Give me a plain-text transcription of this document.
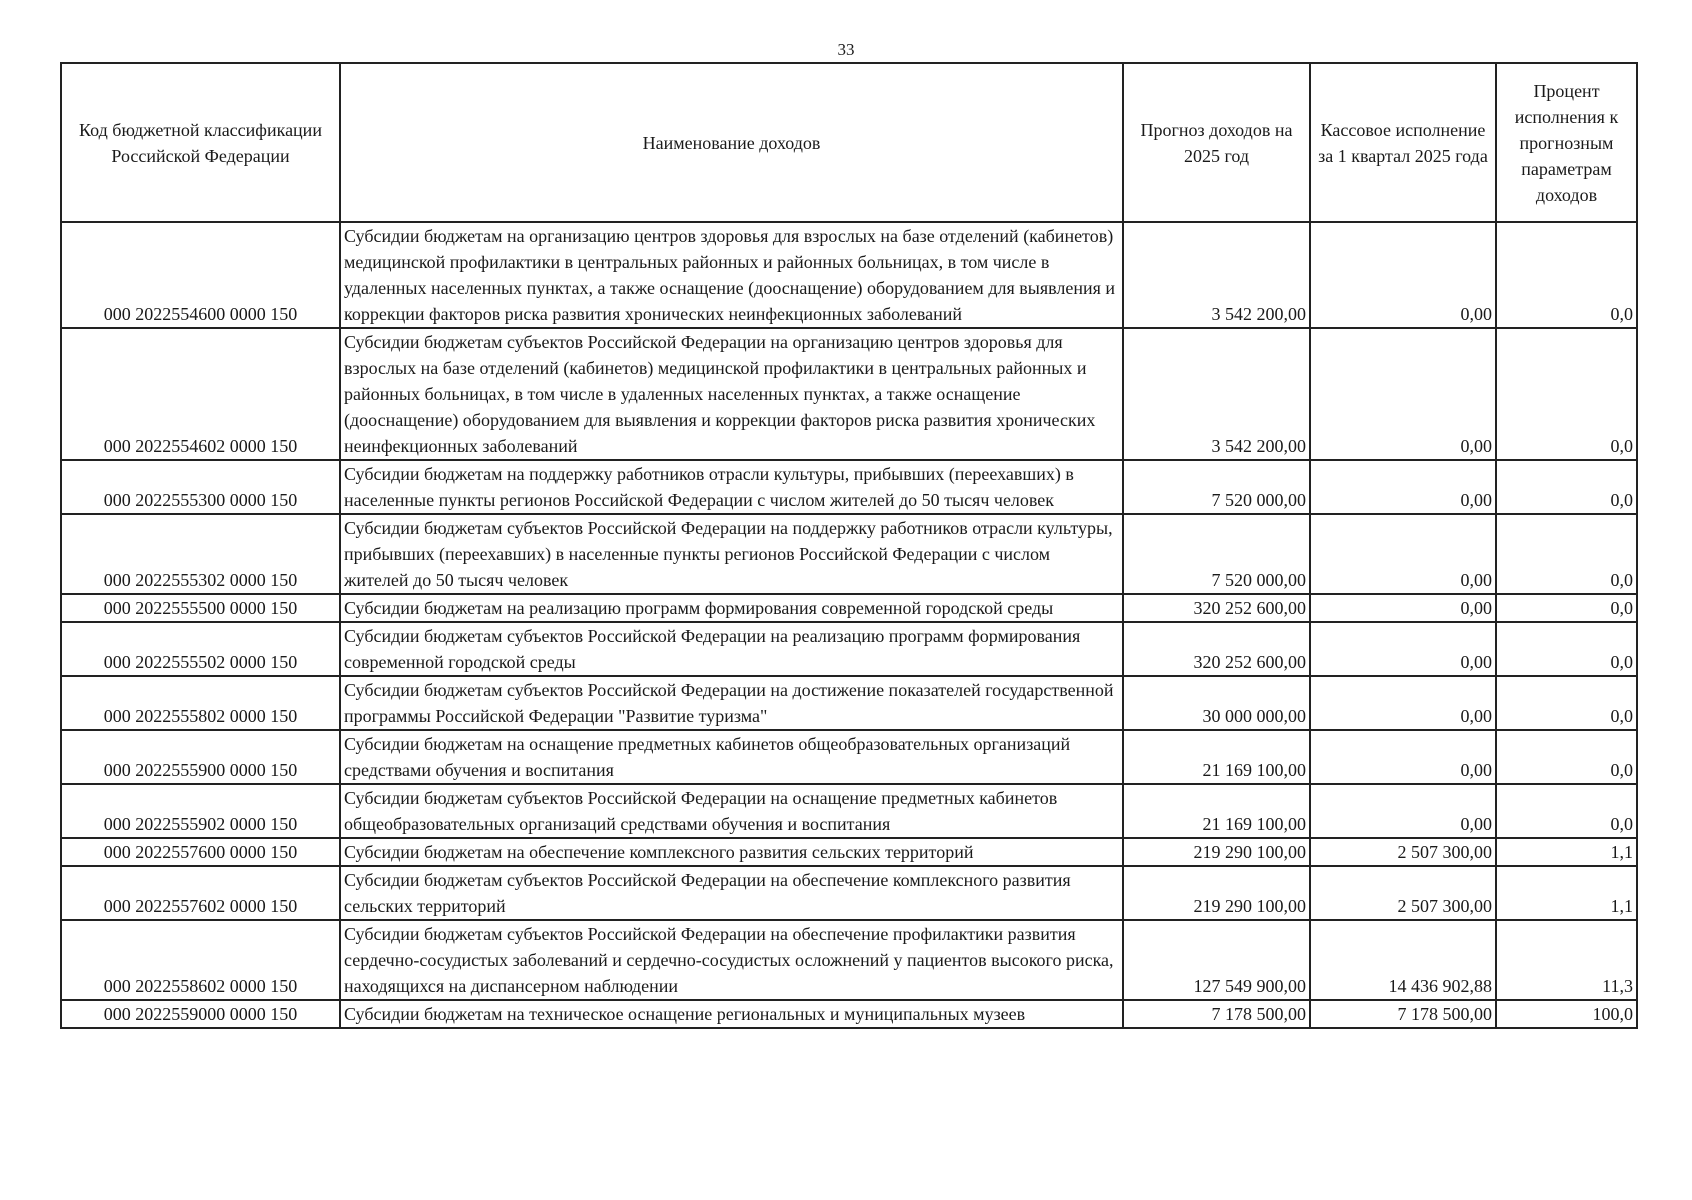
33
Код бюджетной классификации Российской Федерации	Наименование доходов	Прогноз доходов на 2025 год	Кассовое исполнение за 1 квартал 2025 года	Процент исполнения к прогнозным параметрам доходов
000 2022554600 0000 150	Субсидии бюджетам на организацию центров здоровья для взрослых на базе отделений (кабинетов) медицинской профилактики в центральных районных и районных больницах, в том числе в удаленных населенных пунктах, а также оснащение (дооснащение) оборудованием для выявления и коррекции факторов риска развития хронических неинфекционных заболеваний	3 542 200,00	0,00	0,0
000 2022554602 0000 150	Субсидии бюджетам субъектов Российской Федерации на организацию центров здоровья для взрослых на базе отделений (кабинетов) медицинской профилактики в центральных районных и районных больницах, в том числе в удаленных населенных пунктах, а также оснащение (дооснащение) оборудованием для выявления и коррекции факторов риска развития хронических неинфекционных заболеваний	3 542 200,00	0,00	0,0
000 2022555300 0000 150	Субсидии бюджетам на поддержку работников отрасли культуры, прибывших (переехавших) в населенные пункты регионов Российской Федерации с числом жителей до 50 тысяч человек	7 520 000,00	0,00	0,0
000 2022555302 0000 150	Субсидии бюджетам субъектов Российской Федерации на поддержку работников отрасли культуры, прибывших (переехавших) в населенные пункты регионов Российской Федерации с числом жителей до 50 тысяч человек	7 520 000,00	0,00	0,0
000 2022555500 0000 150	Субсидии бюджетам на реализацию программ формирования современной городской среды	320 252 600,00	0,00	0,0
000 2022555502 0000 150	Субсидии бюджетам субъектов Российской Федерации на реализацию программ формирования современной городской среды	320 252 600,00	0,00	0,0
000 2022555802 0000 150	Субсидии бюджетам субъектов Российской Федерации на достижение показателей государственной программы Российской Федерации "Развитие туризма"	30 000 000,00	0,00	0,0
000 2022555900 0000 150	Субсидии бюджетам на оснащение предметных кабинетов общеобразовательных организаций средствами обучения и воспитания	21 169 100,00	0,00	0,0
000 2022555902 0000 150	Субсидии бюджетам субъектов Российской Федерации на оснащение предметных кабинетов общеобразовательных организаций средствами обучения и воспитания	21 169 100,00	0,00	0,0
000 2022557600 0000 150	Субсидии бюджетам на обеспечение комплексного развития сельских территорий	219 290 100,00	2 507 300,00	1,1
000 2022557602 0000 150	Субсидии бюджетам субъектов Российской Федерации на обеспечение комплексного развития сельских территорий	219 290 100,00	2 507 300,00	1,1
000 2022558602 0000 150	Субсидии бюджетам субъектов Российской Федерации на обеспечение профилактики развития сердечно-сосудистых заболеваний и сердечно-сосудистых осложнений у пациентов высокого риска, находящихся на диспансерном наблюдении	127 549 900,00	14 436 902,88	11,3
000 2022559000 0000 150	Субсидии бюджетам на техническое оснащение региональных и муниципальных музеев	7 178 500,00	7 178 500,00	100,0
